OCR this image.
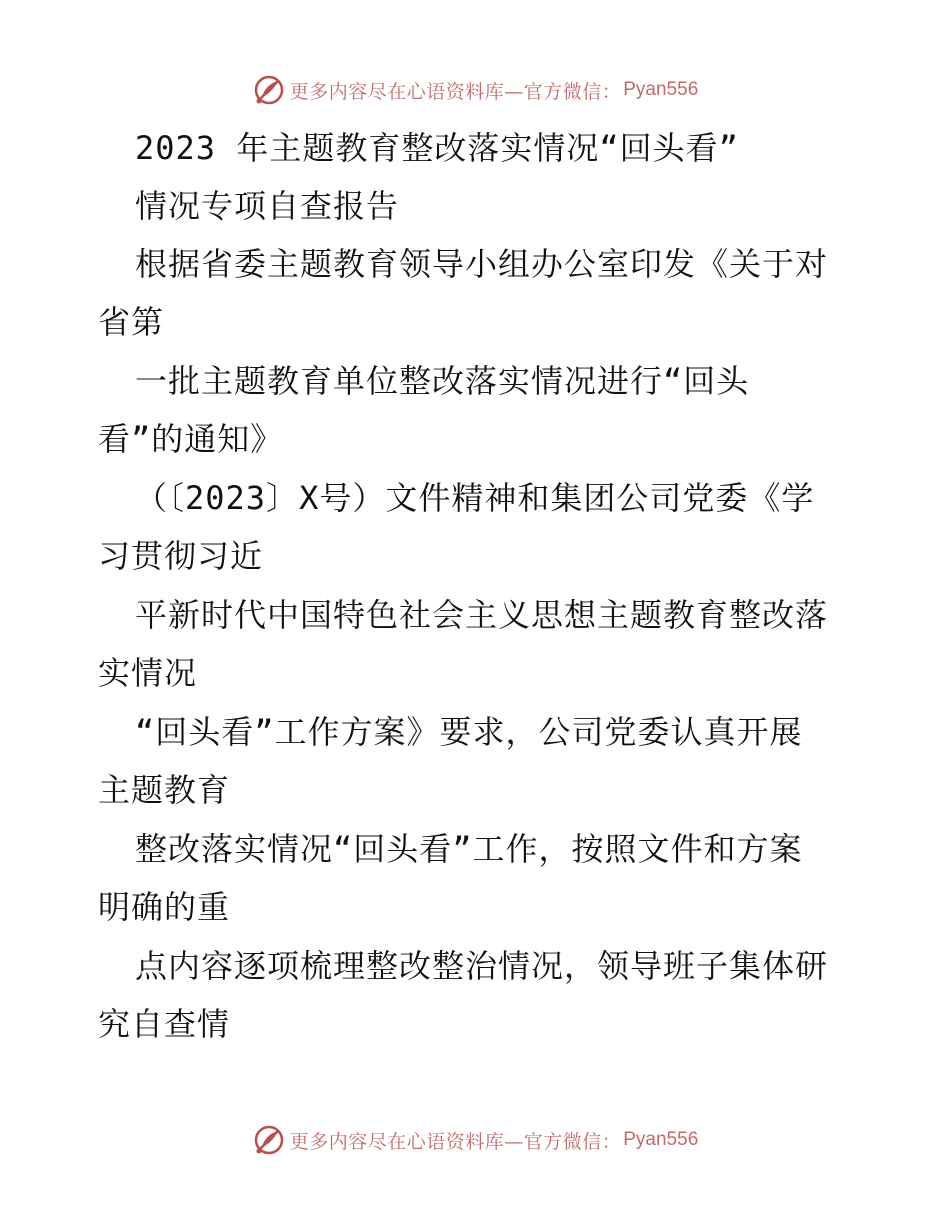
更多内容尽在心语资料库—官方微信： Pyan556
2023 年主题教育整改落实情况“回头看”
情况专项自查报告
根据省委主题教育领导小组办公室印发《关于对
省第
一批主题教育单位整改落实情况进行“回头
看”的通知》
（〔2023〕X号）文件精神和集团公司党委《学
习贯彻习近
平新时代中国特色社会主义思想主题教育整改落
实情况
“回头看”工作方案》要求，公司党委认真开展
主题教育
整改落实情况“回头看”工作，按照文件和方案
明确的重
点内容逐项梳理整改整治情况，领导班子集体研
究自查情
更多内容尽在心语资料库—官方微信： Pyan556
